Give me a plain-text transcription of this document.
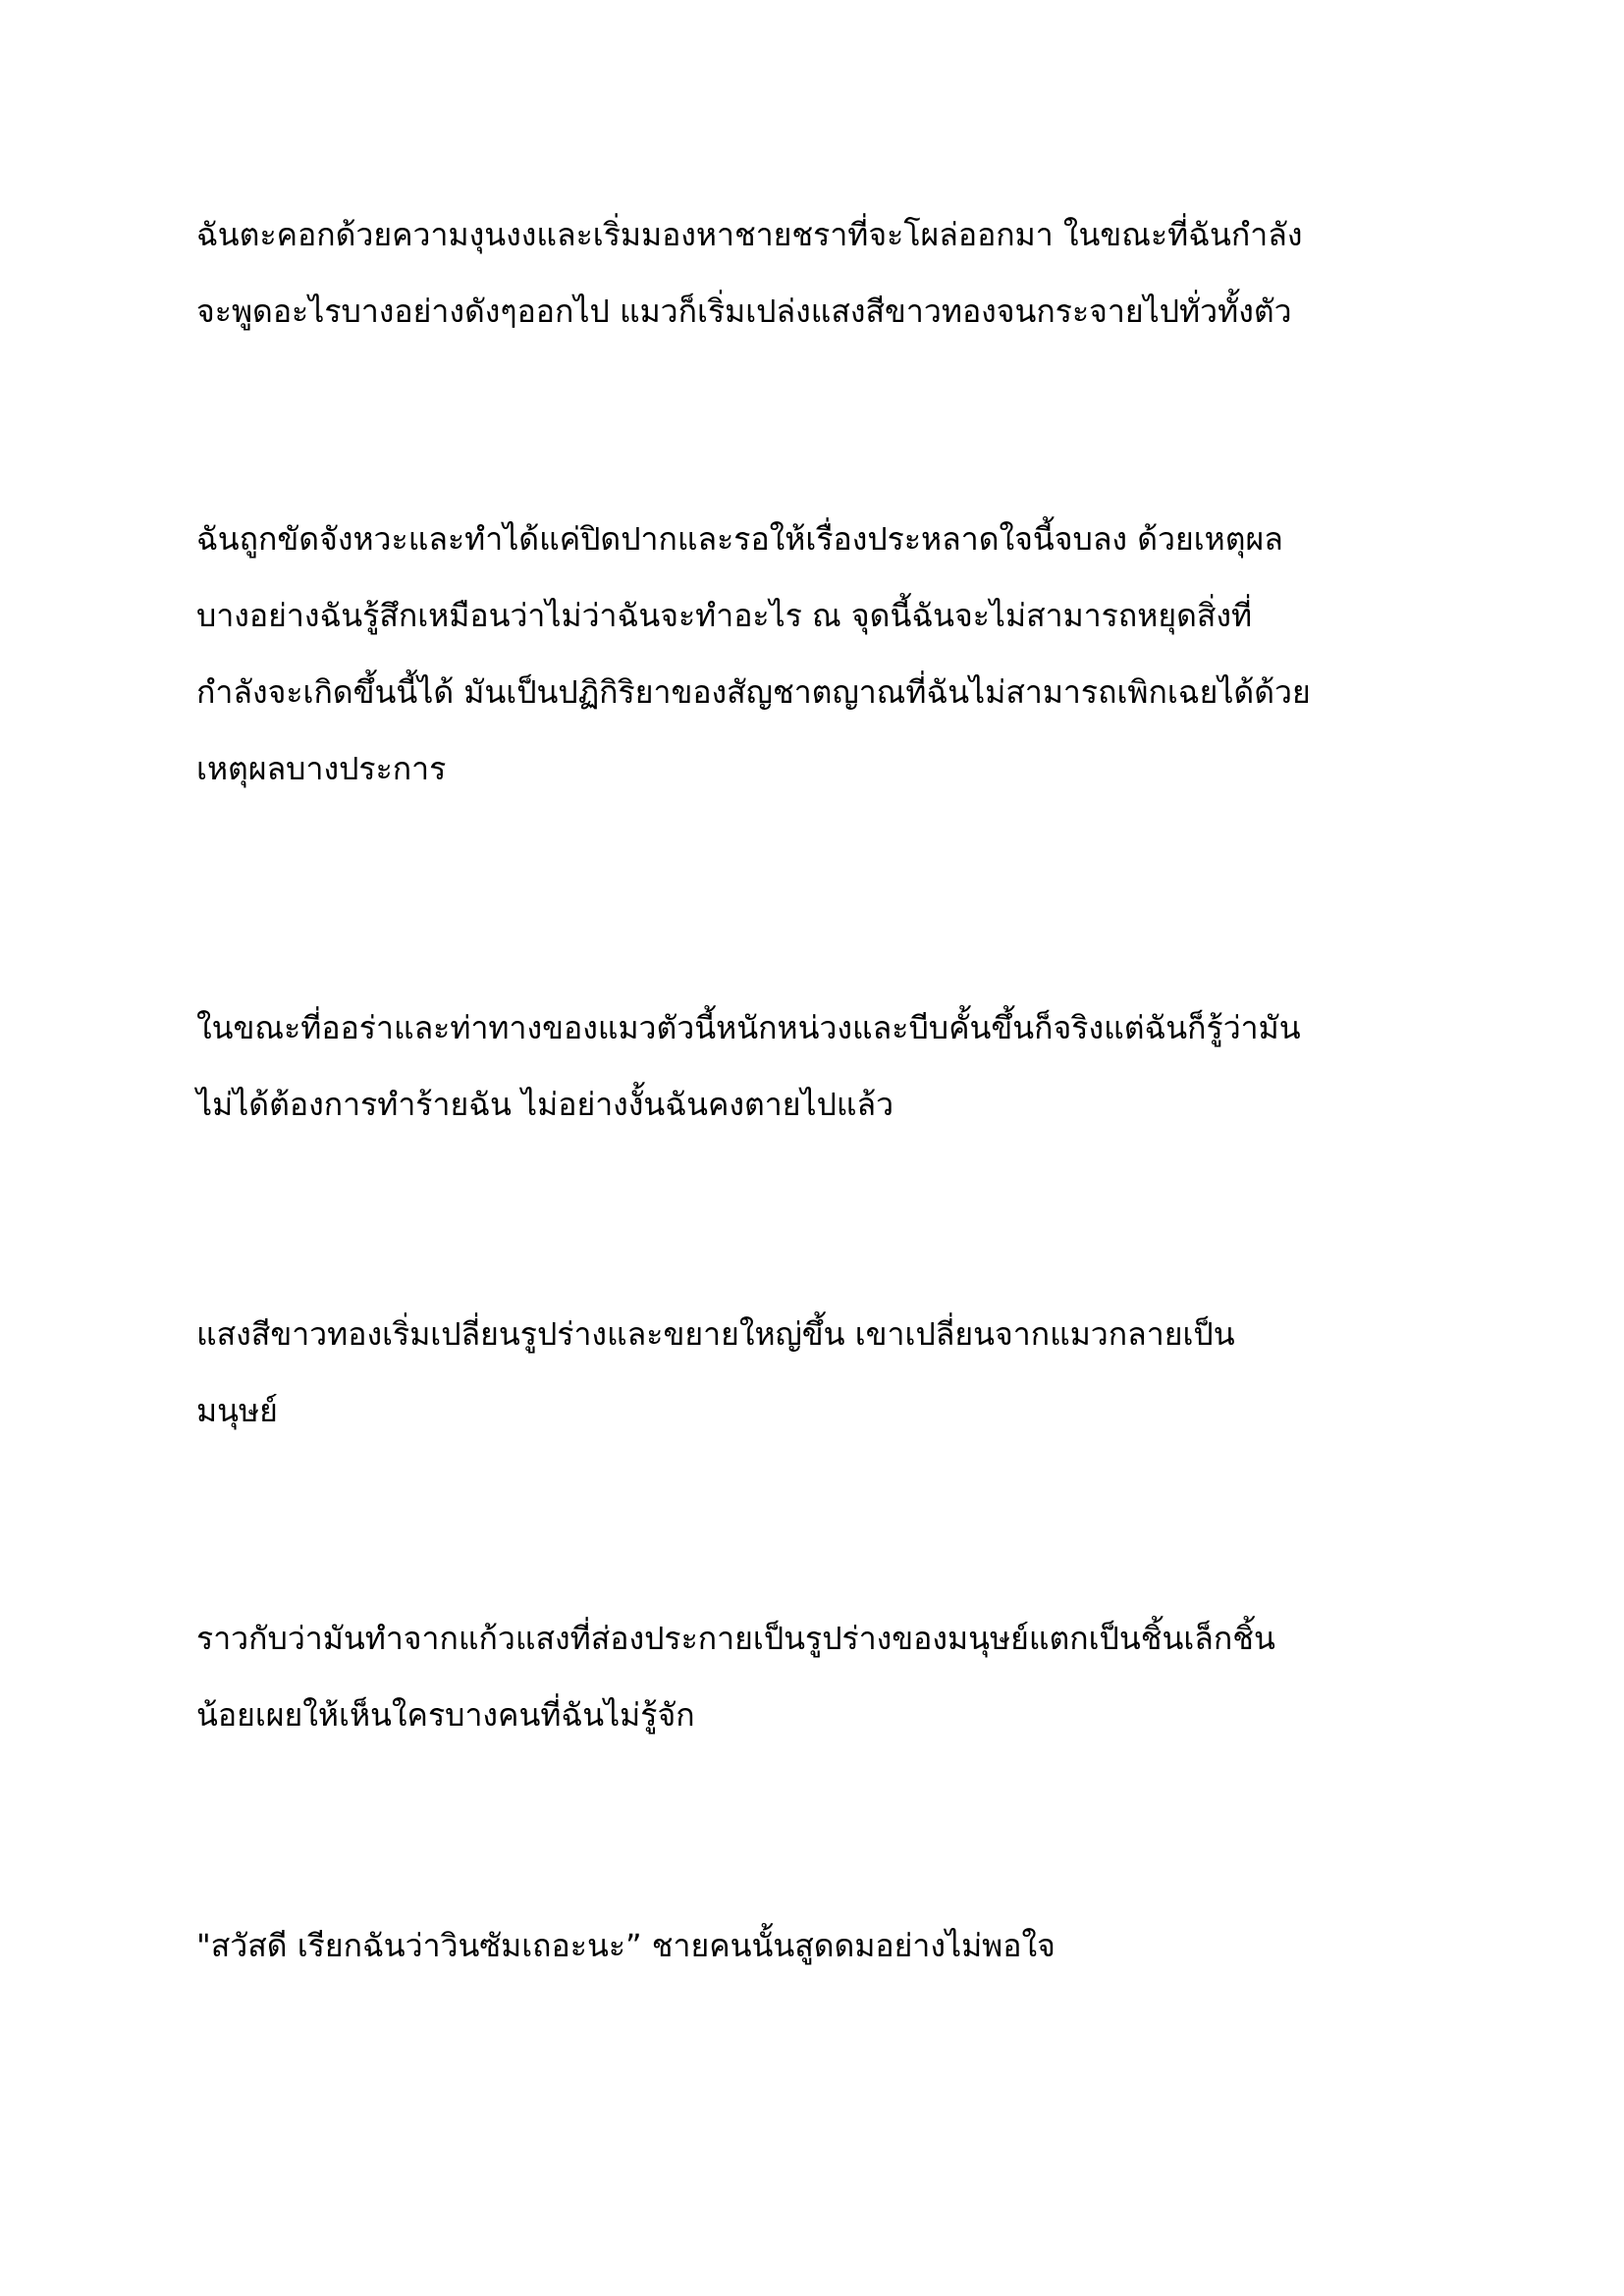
ฉันตะคอกด้วยความงุนงงและเริ่มมองหาชายชราที่จะโผล่ออกมา ในขณะที่ฉันกำลัง
จะพูดอะไรบางอย่างดังๆออกไป แมวก็เริ่มเปล่งแสงสีขาวทองจนกระจายไปทั่วทั้งตัว
ฉันถูกขัดจังหวะและทำได้แค่ปิดปากและรอให้เรื่องประหลาดใจนี้จบลง ด้วยเหตุผล
บางอย่างฉันรู้สึกเหมือนว่าไม่ว่าฉันจะทำอะไร ณ จุดนี้ฉันจะไม่สามารถหยุดสิ่งที่
กำลังจะเกิดขึ้นนี้ได้ มันเป็นปฏิกิริยาของสัญชาตญาณที่ฉันไม่สามารถเพิกเฉยได้ด้วย
เหตุผลบางประการ
ในขณะที่ออร่าและท่าทางของแมวตัวนี้หนักหน่วงและบีบคั้นขึ้นก็จริงแต่ฉันก็รู้ว่ามัน
ไม่ได้ต้องการทำร้ายฉัน ไม่อย่างงั้นฉันคงตายไปแล้ว
แสงสีขาวทองเริ่มเปลี่ยนรูปร่างและขยายใหญ่ขึ้น เขาเปลี่ยนจากแมวกลายเป็น
มนุษย์
ราวกับว่ามันทำจากแก้วแสงที่ส่องประกายเป็นรูปร่างของมนุษย์แตกเป็นชิ้นเล็กชิ้น
น้อยเผยให้เห็นใครบางคนที่ฉันไม่รู้จัก
"สวัสดี เรียกฉันว่าวินซัมเถอะนะ” ชายคนนั้นสูดดมอย่างไม่พอใจ
